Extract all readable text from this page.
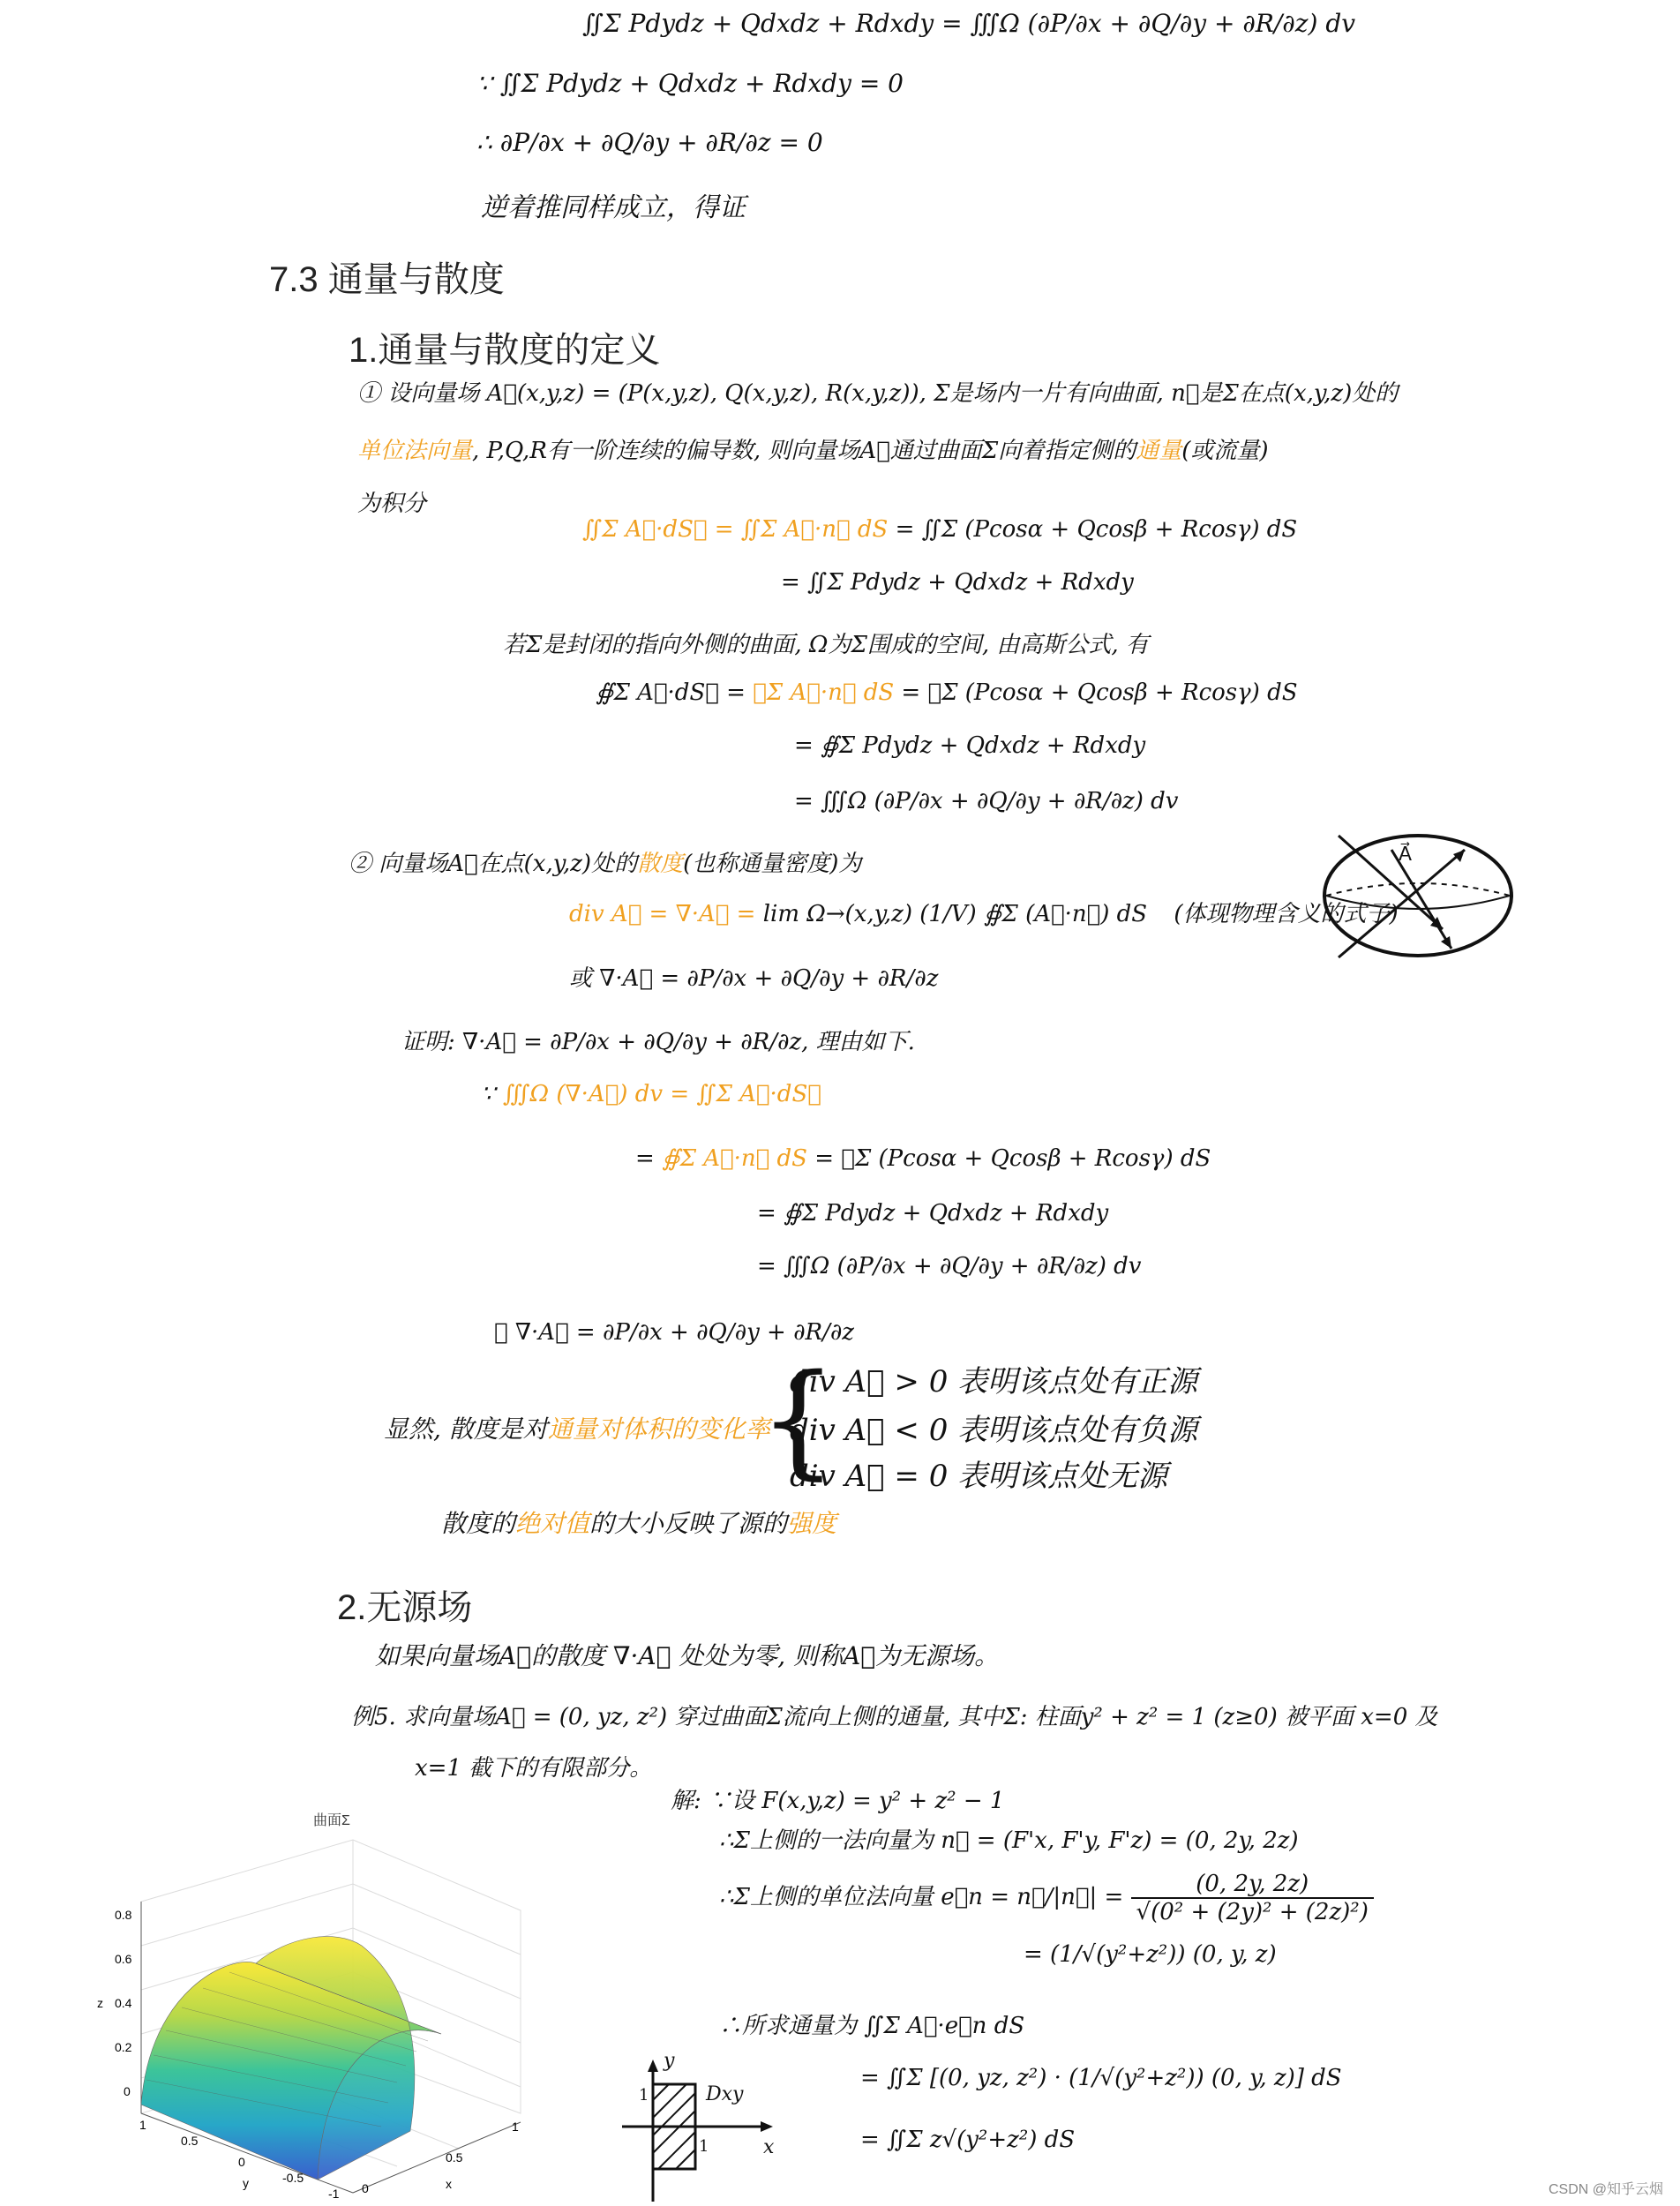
∬Σ Pdydz + Qdxdz + Rdxdy = ∭Ω (∂P/∂x + ∂Q/∂y + ∂R/∂z) dv
∵ ∬Σ Pdydz + Qdxdz + Rdxdy = 0
∴ ∂P/∂x + ∂Q/∂y + ∂R/∂z = 0
逆着推同样成立，得证
7.3 通量与散度
1.通量与散度的定义
① 设向量场 A⃗(x,y,z) = (P(x,y,z), Q(x,y,z), R(x,y,z)), Σ是场内一片有向曲面, n⃗是Σ在点(x,y,z)处的
单位法向量, P,Q,R有一阶连续的偏导数, 则向量场A⃗通过曲面Σ向着指定侧的通量(或流量)
为积分
∬Σ A⃗·dS⃗ = ∬Σ A⃗·n⃗ dS = ∬Σ (Pcosα + Qcosβ + Rcosγ) dS
= ∬Σ Pdydz + Qdxdz + Rdxdy
若Σ是封闭的指向外侧的曲面, Ω为Σ围成的空间, 由高斯公式, 有
∯Σ A⃗·dS⃗ = ∯Σ A⃗·n⃗ dS = ∯Σ (Pcosα + Qcosβ + Rcosγ) dS
= ∯Σ Pdydz + Qdxdz + Rdxdy
= ∭Ω (∂P/∂x + ∂Q/∂y + ∂R/∂z) dv
② 向量场A⃗在点(x,y,z)处的散度(也称通量密度)为
div A⃗ = ∇·A⃗ = lim Ω→(x,y,z) (1/V) ∯Σ (A⃗·n⃗) dS (体现物理含义的式子)
或 ∇·A⃗ = ∂P/∂x + ∂Q/∂y + ∂R/∂z
A⃗
证明: ∇·A⃗ = ∂P/∂x + ∂Q/∂y + ∂R/∂z, 理由如下.
∵ ∭Ω (∇·A⃗) dv = ∬Σ A⃗·dS⃗
= ∯Σ A⃗·n⃗ dS = ∯Σ (Pcosα + Qcosβ + Rcosγ) dS
= ∯Σ Pdydz + Qdxdz + Rdxdy
= ∭Ω (∂P/∂x + ∂Q/∂y + ∂R/∂z) dv
∴ ∇·A⃗ = ∂P/∂x + ∂Q/∂y + ∂R/∂z
显然, 散度是对通量对体积的变化率
{
div A⃗ > 0 表明该点处有正源
div A⃗ < 0 表明该点处有负源
div A⃗ = 0 表明该点处无源
散度的绝对值的大小反映了源的强度
2.无源场
如果向量场A⃗的散度 ∇·A⃗ 处处为零, 则称A⃗为无源场。
例5. 求向量场A⃗ = (0, yz, z²) 穿过曲面Σ流向上侧的通量, 其中Σ: 柱面y² + z² = 1 (z≥0) 被平面 x=0 及
x=1 截下的有限部分。
解: ∵设 F(x,y,z) = y² + z² − 1
∴Σ上侧的一法向量为 n⃗ = (F'x, F'y, F'z) = (0, 2y, 2z)
∴Σ上侧的单位法向量 e⃗n = n⃗/|n⃗| = $\frac{(0, 2y, 2z)}{\text{√(0² + (2y)² + (2z)²)}}$
= (1/√(y²+z²)) (0, y, z)
∴所求通量为 ∬Σ A⃗·e⃗n dS
= ∬Σ [(0, yz, z²) · (1/√(y²+z²)) (0, y, z)] dS
= ∬Σ z√(y²+z²) dS
y
x
Dxy
1
1
曲面Σ
0.8
0.6
0.4
0.2
0
z
1
0.5
0
-0.5
-1
y	0
0.5
1
x	CSDN @知乎云烟
